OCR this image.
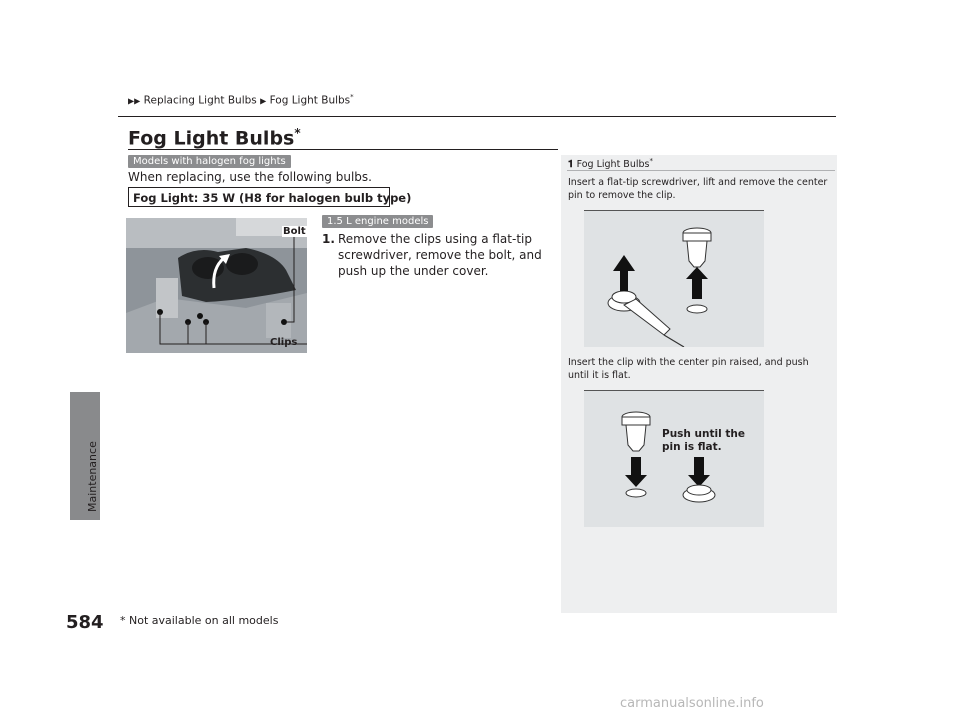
Maintenance
▶▶ Replacing Light Bulbs ▶ Fog Light Bulbs*
Fog Light Bulbs*
Models with halogen fog lights
When replacing, use the following bulbs.
Fog Light: 35 W (H8 for halogen bulb type)
Bolt
Clips
1.5 L engine models
1. Remove the clips using a flat-tip screwdriver, remove the bolt, and push up the under cover.
𝟏 Fog Light Bulbs*
Insert a flat-tip screwdriver, lift and remove the center pin to remove the clip.
Insert the clip with the center pin raised, and push until it is flat.
Push until the pin is flat.
584 * Not available on all models
carmanualsonline.info
